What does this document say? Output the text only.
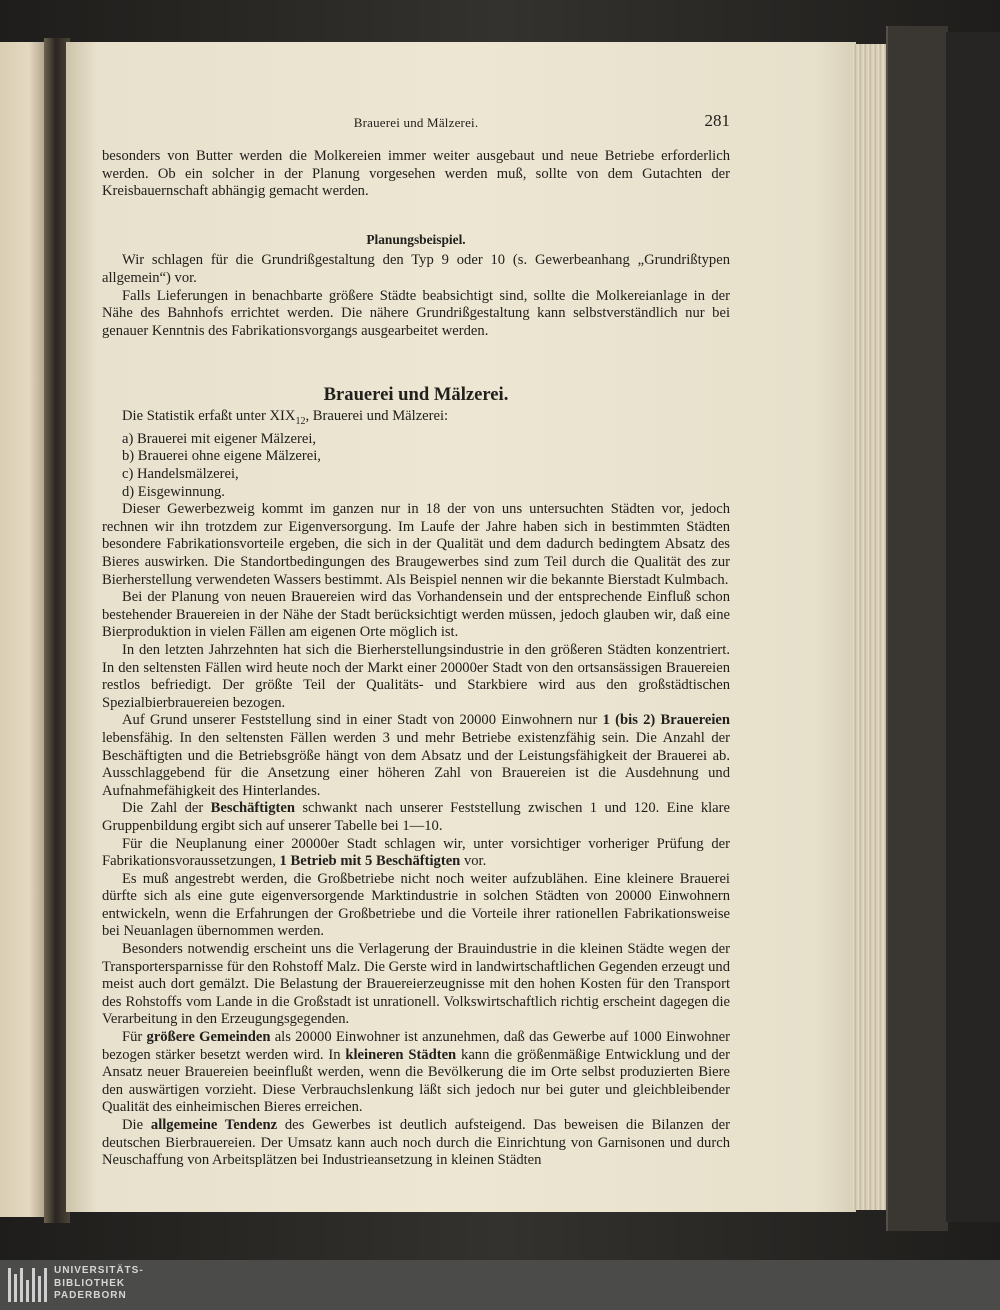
Brauerei und Mälzerei.	281

besonders von Butter werden die Molkereien immer weiter ausgebaut und neue Betriebe erforderlich werden. Ob ein solcher in der Planung vorgesehen werden muß, sollte von dem Gutachten der Kreisbauernschaft abhängig gemacht werden.

Planungsbeispiel.

Wir schlagen für die Grundrißgestaltung den Typ 9 oder 10 (s. Gewerbeanhang „Grundrißtypen allgemein“) vor.

Falls Lieferungen in benachbarte größere Städte beabsichtigt sind, sollte die Molkereianlage in der Nähe des Bahnhofs errichtet werden. Die nähere Grundrißgestaltung kann selbstverständlich nur bei genauer Kenntnis des Fabrikationsvorgangs ausgearbeitet werden.

Brauerei und Mälzerei.

Die Statistik erfaßt unter $XIX_{12}$, Brauerei und Mälzerei:

a) Brauerei mit eigener Mälzerei,

b) Brauerei ohne eigene Mälzerei,

c) Handelsmälzerei,

d) Eisgewinnung.

Dieser Gewerbezweig kommt im ganzen nur in 18 der von uns untersuchten Städten vor, jedoch rechnen wir ihn trotzdem zur Eigenversorgung. Im Laufe der Jahre haben sich in bestimmten Städten besondere Fabrikationsvorteile ergeben, die sich in der Qualität und dem dadurch bedingtem Absatz des Bieres auswirken. Die Standortbedingungen des Braugewerbes sind zum Teil durch die Qualität des zur Bierherstellung verwendeten Wassers bestimmt. Als Beispiel nennen wir die bekannte Bierstadt Kulmbach.

Bei der Planung von neuen Brauereien wird das Vorhandensein und der entsprechende Einfluß schon bestehender Brauereien in der Nähe der Stadt berücksichtigt werden müssen, jedoch glauben wir, daß eine Bierproduktion in vielen Fällen am eigenen Orte möglich ist.

In den letzten Jahrzehnten hat sich die Bierherstellungsindustrie in den größeren Städten konzentriert. In den seltensten Fällen wird heute noch der Markt einer 20000er Stadt von den ortsansässigen Brauereien restlos befriedigt. Der größte Teil der Qualitäts- und Starkbiere wird aus den großstädtischen Spezialbierbrauereien bezogen.

Auf Grund unserer Feststellung sind in einer Stadt von 20000 Einwohnern nur 1 (bis 2) Brauereien lebensfähig. In den seltensten Fällen werden 3 und mehr Betriebe existenzfähig sein. Die Anzahl der Beschäftigten und die Betriebsgröße hängt von dem Absatz und der Leistungsfähigkeit der Brauerei ab. Ausschlaggebend für die Ansetzung einer höheren Zahl von Brauereien ist die Ausdehnung und Aufnahmefähigkeit des Hinterlandes.

Die Zahl der Beschäftigten schwankt nach unserer Feststellung zwischen 1 und 120. Eine klare Gruppenbildung ergibt sich auf unserer Tabelle bei 1—10.

Für die Neuplanung einer 20000er Stadt schlagen wir, unter vorsichtiger vorheriger Prüfung der Fabrikationsvoraussetzungen, 1 Betrieb mit 5 Beschäftigten vor.

Es muß angestrebt werden, die Großbetriebe nicht noch weiter aufzublähen. Eine kleinere Brauerei dürfte sich als eine gute eigenversorgende Marktindustrie in solchen Städten von 20000 Einwohnern entwickeln, wenn die Erfahrungen der Großbetriebe und die Vorteile ihrer rationellen Fabrikationsweise bei Neuanlagen übernommen werden.

Besonders notwendig erscheint uns die Verlagerung der Brauindustrie in die kleinen Städte wegen der Transportersparnisse für den Rohstoff Malz. Die Gerste wird in landwirtschaftlichen Gegenden erzeugt und meist auch dort gemälzt. Die Belastung der Brauereierzeugnisse mit den hohen Kosten für den Transport des Rohstoffs vom Lande in die Großstadt ist unrationell. Volkswirtschaftlich richtig erscheint dagegen die Verarbeitung in den Erzeugungsgegenden.

Für größere Gemeinden als 20000 Einwohner ist anzunehmen, daß das Gewerbe auf 1000 Einwohner bezogen stärker besetzt werden wird. In kleineren Städten kann die größenmäßige Entwicklung und der Ansatz neuer Brauereien beeinflußt werden, wenn die Bevölkerung die im Orte selbst produzierten Biere den auswärtigen vorzieht. Diese Verbrauchslenkung läßt sich jedoch nur bei guter und gleichbleibender Qualität des einheimischen Bieres erreichen.

Die allgemeine Tendenz des Gewerbes ist deutlich aufsteigend. Das beweisen die Bilanzen der deutschen Bierbrauereien. Der Umsatz kann auch noch durch die Einrichtung von Garnisonen und durch Neuschaffung von Arbeitsplätzen bei Industrieansetzung in kleinen Städten

UNIVERSITÄTS-
BIBLIOTHEK
PADERBORN
